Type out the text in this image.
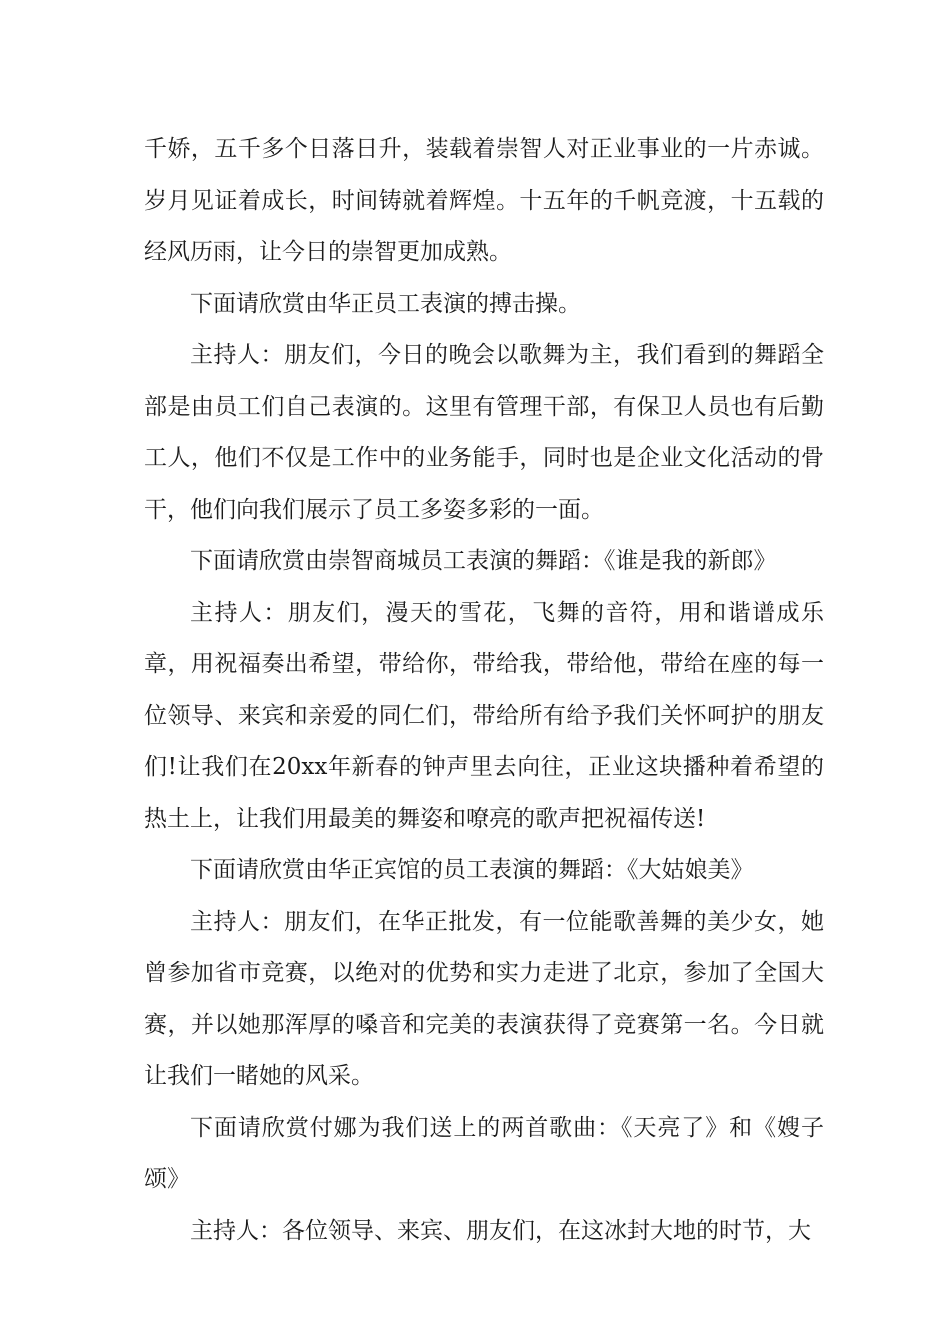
千娇，五千多个日落日升，装载着崇智人对正业事业的一片赤诚。岁月见证着成长，时间铸就着辉煌。十五年的千帆竞渡，十五载的经风历雨，让今日的崇智更加成熟。

下面请欣赏由华正员工表演的搏击操。

主持人：朋友们，今日的晚会以歌舞为主，我们看到的舞蹈全部是由员工们自己表演的。这里有管理干部，有保卫人员也有后勤工人，他们不仅是工作中的业务能手，同时也是企业文化活动的骨干，他们向我们展示了员工多姿多彩的一面。

下面请欣赏由崇智商城员工表演的舞蹈：《谁是我的新郎》

主持人：朋友们，漫天的雪花，飞舞的音符，用和谐谱成乐章，用祝福奏出希望，带给你，带给我，带给他，带给在座的每一位领导、来宾和亲爱的同仁们，带给所有给予我们关怀呵护的朋友们!让我们在20xx年新春的钟声里去向往，正业这块播种着希望的热土上，让我们用最美的舞姿和嘹亮的歌声把祝福传送!

下面请欣赏由华正宾馆的员工表演的舞蹈：《大姑娘美》

主持人：朋友们，在华正批发，有一位能歌善舞的美少女，她曾参加省市竞赛，以绝对的优势和实力走进了北京，参加了全国大赛，并以她那浑厚的嗓音和完美的表演获得了竞赛第一名。今日就让我们一睹她的风采。

下面请欣赏付娜为我们送上的两首歌曲：《天亮了》和《嫂子颂》

主持人：各位领导、来宾、朋友们，在这冰封大地的时节，大
